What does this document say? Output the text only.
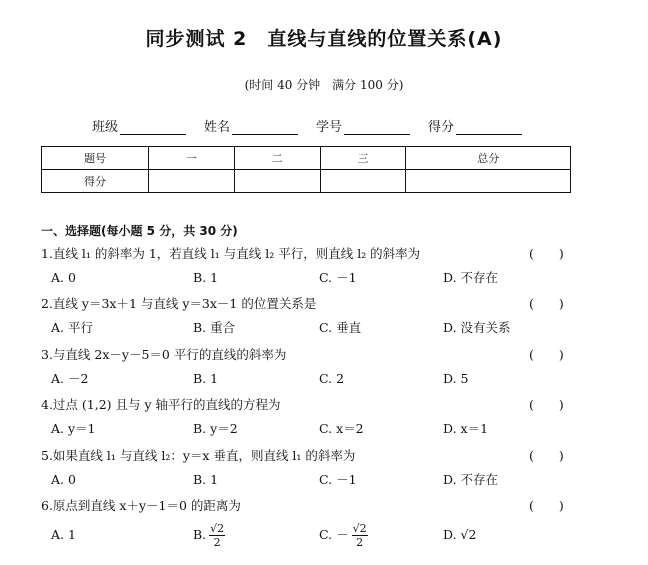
同步测试 2　直线与直线的位置关系(A)
(时间 40 分钟　满分 100 分)
班级	姓名	学号	得分
题号	一	二	三	总分
得分				
一、选择题(每小题 5 分，共 30 分)
1.直线 l₁ 的斜率为 1，若直线 l₁ 与直线 l₂ 平行，则直线 l₂ 的斜率为	(　　)
A. 0	B. 1	C. －1	D. 不存在
2.直线 y＝3x＋1 与直线 y＝3x－1 的位置关系是	(　　)
A. 平行	B. 重合	C. 垂直	D. 没有关系
3.与直线 2x－y－5＝0 平行的直线的斜率为	(　　)
A. －2	B. 1	C. 2	D. 5
4.过点 (1,2) 且与 y 轴平行的直线的方程为	(　　)
A. y＝1	B. y＝2	C. x＝2	D. x＝1
5.如果直线 l₁ 与直线 l₂：y＝x 垂直，则直线 l₁ 的斜率为	(　　)
A. 0	B. 1	C. －1	D. 不存在
6.原点到直线 x＋y－1＝0 的距离为	(　　)
A. 1	B. $\frac{√2}{2}$	C. － $\frac{√2}{2}$	D. √2
